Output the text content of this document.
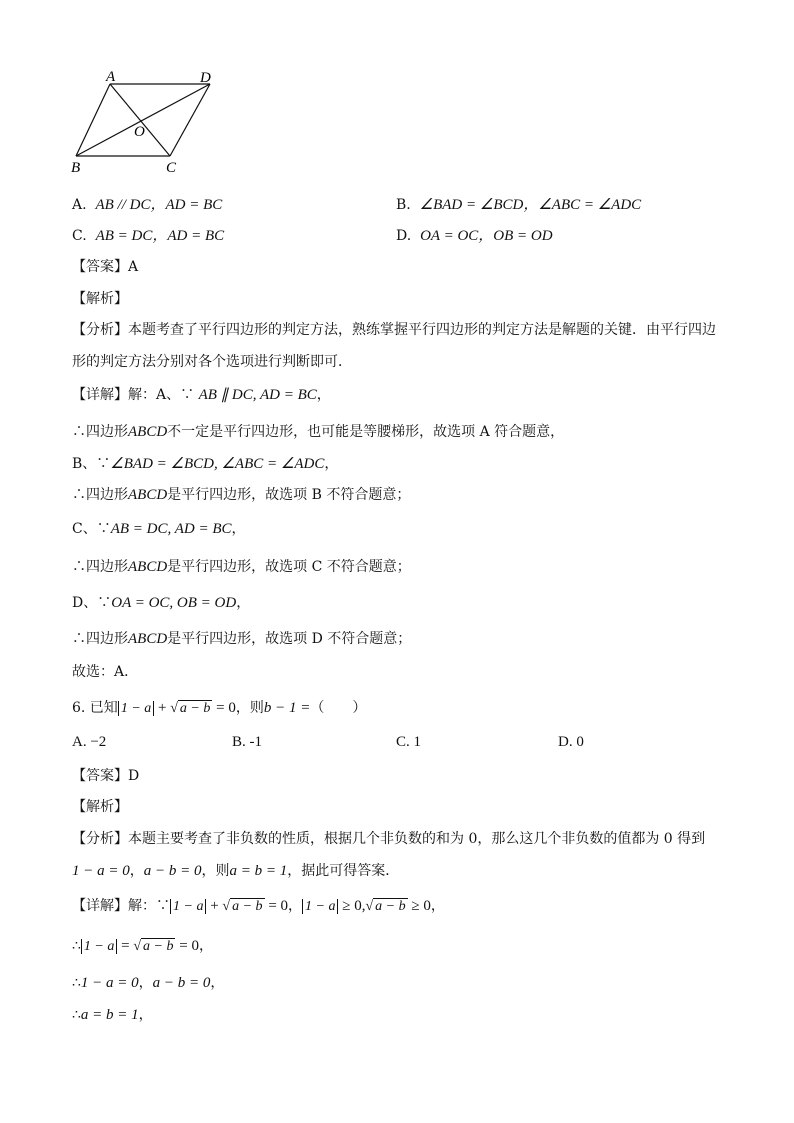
A	D
B	C
O
A. AB // DC，AD = BC	B. ∠BAD = ∠BCD，∠ABC = ∠ADC
C. AB = DC，AD = BC	D. OA = OC，OB = OD
【答案】A
【解析】
【分析】本题考查了平行四边形的判定方法，熟练掌握平行四边形的判定方法是解题的关键．由平行四边
形的判定方法分别对各个选项进行判断即可．
【详解】解：A、∵ AB ∥ DC, AD = BC，
∴四边形ABCD不一定是平行四边形，也可能是等腰梯形，故选项 A 符合题意，
B、∵∠BAD = ∠BCD, ∠ABC = ∠ADC，
∴四边形ABCD是平行四边形，故选项 B 不符合题意；
C、∵AB = DC, AD = BC，
∴四边形ABCD是平行四边形，故选项 C 不符合题意；
D、∵OA = OC, OB = OD，
∴四边形ABCD是平行四边形，故选项 D 不符合题意；
故选：A．
6. 已知 1 − a + √ a − b = 0，则b − 1 =（　　）
A. −2	B. -1	C. 1	D. 0
【答案】D
【解析】
【分析】本题主要考查了非负数的性质，根据几个非负数的和为 0，那么这几个非负数的值都为 0 得到
1 − a = 0，a − b = 0，则a = b = 1，据此可得答案．
【详解】解：∵ 1 − a + √ a − b = 0， 1 − a ≥ 0,√ a − b ≥ 0，
∴ 1 − a = √ a − b = 0，
∴1 − a = 0，a − b = 0，
∴a = b = 1，
